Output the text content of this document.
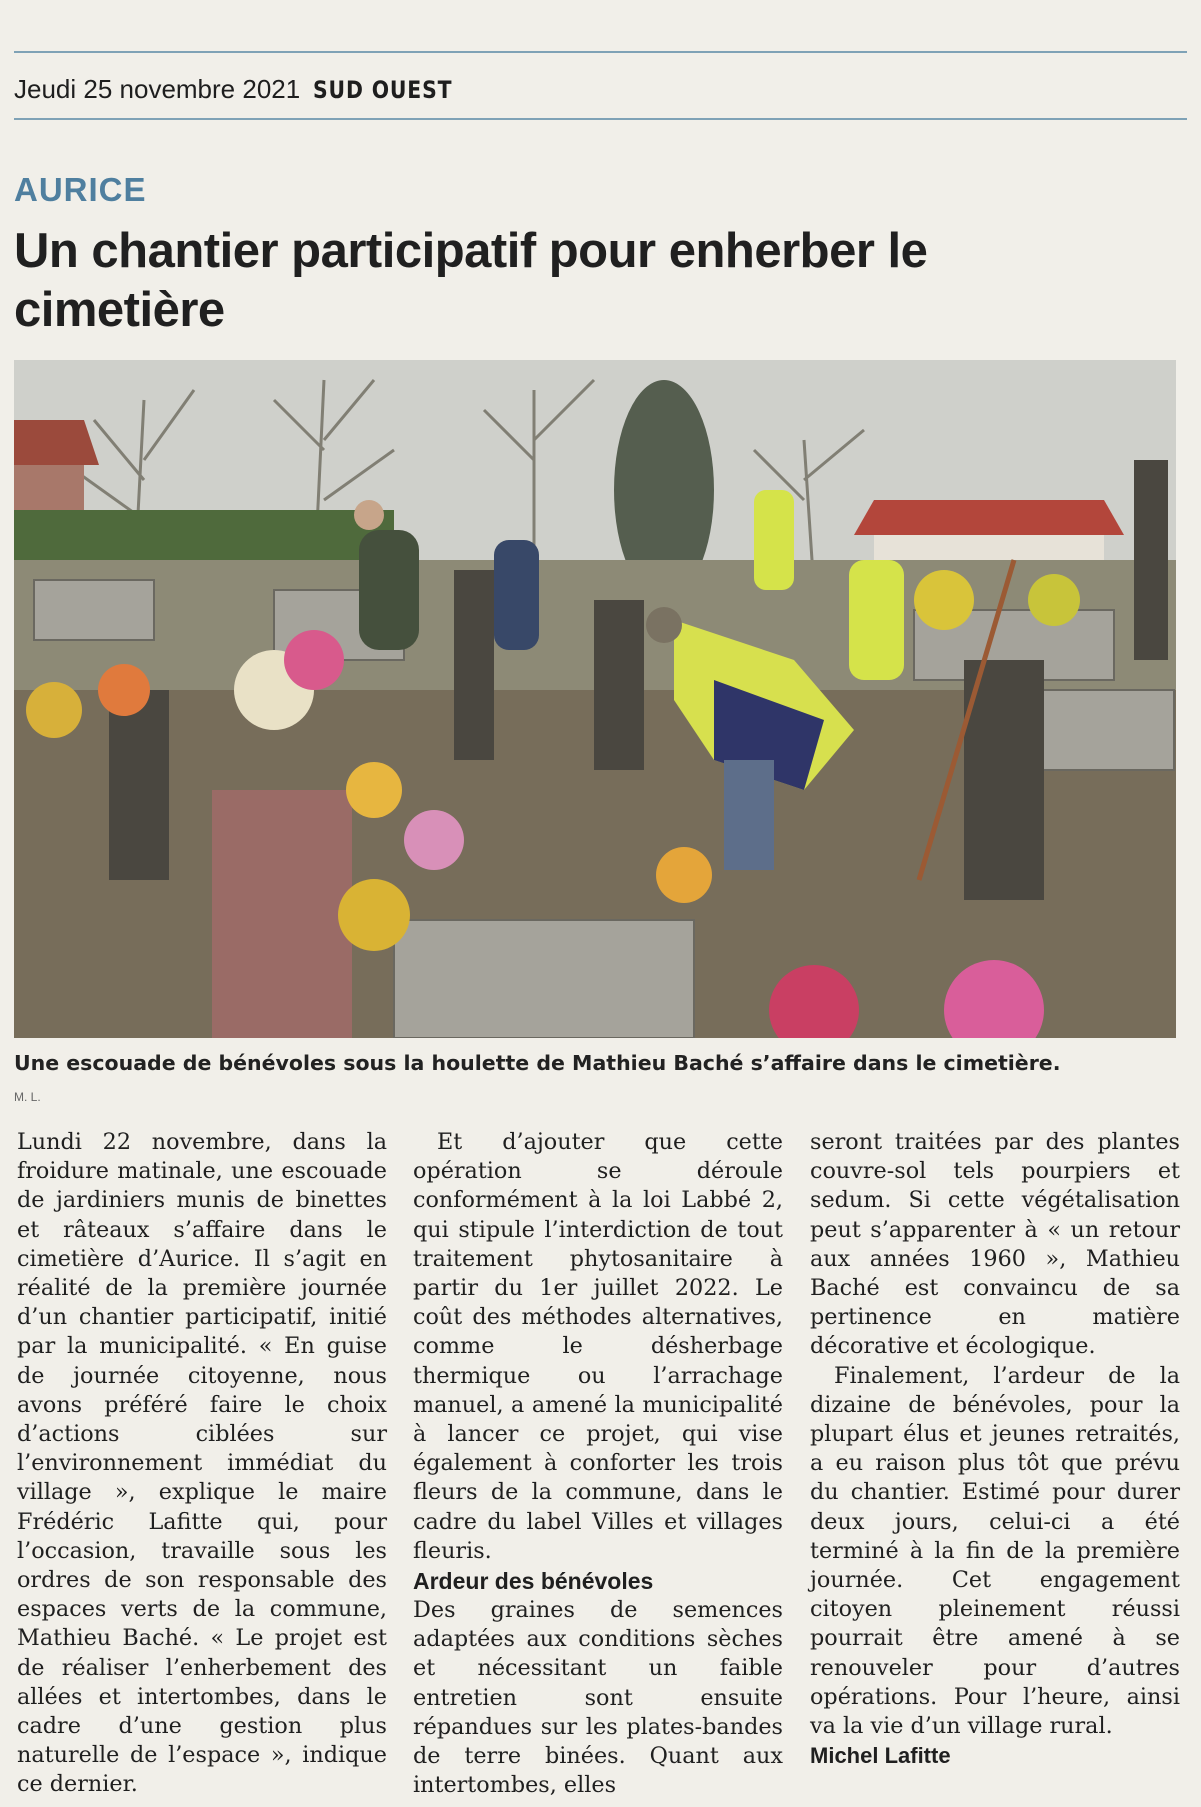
Jeudi 25 novembre 2021 SUD OUEST
AURICE
Un chantier participatif pour enherber le cimetière
Une escouade de bénévoles sous la houlette de Mathieu Baché s’affaire dans le cimetière.
M. L.

Lundi 22 novembre, dans la froidure matinale, une escouade de jardiniers munis de binettes et râteaux s’affaire dans le cimetière d’Aurice. Il s’agit en réalité de la première journée d’un chantier participatif, initié par la municipalité. « En guise de journée citoyenne, nous avons préféré faire le choix d’actions ciblées sur l’environnement immédiat du village », explique le maire Frédéric Lafitte qui, pour l’occasion, travaille sous les ordres de son responsable des espaces verts de la commune, Mathieu Baché. « Le projet est de réaliser l’enherbement des allées et intertombes, dans le cadre d’une gestion plus naturelle de l’espace », indique ce dernier.

Et d’ajouter que cette opération se déroule conformément à la loi Labbé 2, qui stipule l’interdiction de tout traitement phytosanitaire à partir du 1er juillet 2022. Le coût des méthodes alternatives, comme le désherbage thermique ou l’arrachage manuel, a amené la municipalité à lancer ce projet, qui vise également à conforter les trois fleurs de la commune, dans le cadre du label Villes et villages fleuris.

Ardeur des bénévoles

Des graines de semences adaptées aux conditions sèches et nécessitant un faible entretien sont ensuite répandues sur les plates-bandes de terre binées. Quant aux intertombes, elles

seront traitées par des plantes couvre-sol tels pourpiers et sedum. Si cette végétalisation peut s’apparenter à « un retour aux années 1960 », Mathieu Baché est convaincu de sa pertinence en matière décorative et écologique.

Finalement, l’ardeur de la dizaine de bénévoles, pour la plupart élus et jeunes retraités, a eu raison plus tôt que prévu du chantier. Estimé pour durer deux jours, celui-ci a été terminé à la fin de la première journée. Cet engagement citoyen pleinement réussi pourrait être amené à se renouveler pour d’autres opérations. Pour l’heure, ainsi va la vie d’un village rural.

Michel Lafitte
